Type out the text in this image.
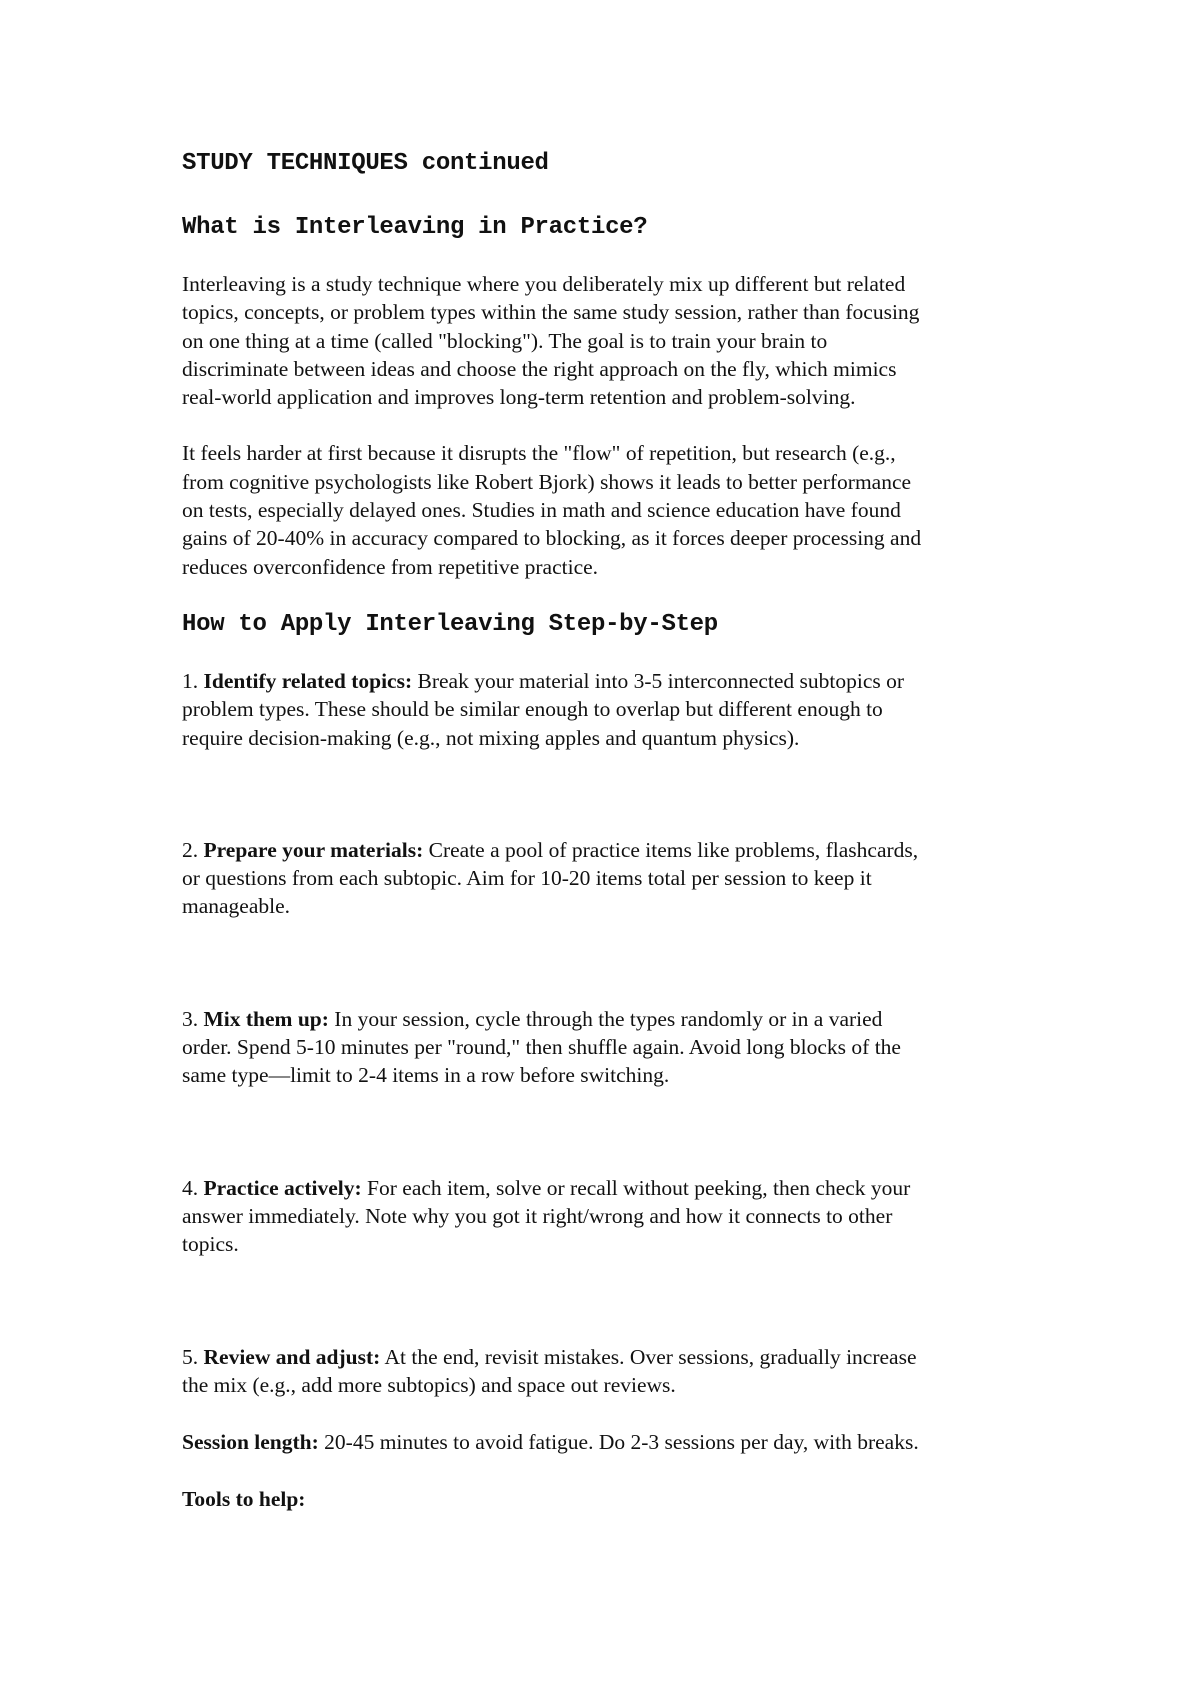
STUDY TECHNIQUES continued
What is Interleaving in Practice?

Interleaving is a study technique where you deliberately mix up different but related
topics, concepts, or problem types within the same study session, rather than focusing
on one thing at a time (called "blocking"). The goal is to train your brain to
discriminate between ideas and choose the right approach on the fly, which mimics
real-world application and improves long-term retention and problem-solving.

It feels harder at first because it disrupts the "flow" of repetition, but research (e.g.,
from cognitive psychologists like Robert Bjork) shows it leads to better performance
on tests, especially delayed ones. Studies in math and science education have found
gains of 20-40% in accuracy compared to blocking, as it forces deeper processing and
reduces overconfidence from repetitive practice.

How to Apply Interleaving Step-by-Step

1. Identify related topics: Break your material into 3-5 interconnected subtopics or
problem types. These should be similar enough to overlap but different enough to
require decision-making (e.g., not mixing apples and quantum physics).

2. Prepare your materials: Create a pool of practice items like problems, flashcards,
or questions from each subtopic. Aim for 10-20 items total per session to keep it
manageable.

3. Mix them up: In your session, cycle through the types randomly or in a varied
order. Spend 5-10 minutes per "round," then shuffle again. Avoid long blocks of the
same type—limit to 2-4 items in a row before switching.

4. Practice actively: For each item, solve or recall without peeking, then check your
answer immediately. Note why you got it right/wrong and how it connects to other
topics.

5. Review and adjust: At the end, revisit mistakes. Over sessions, gradually increase
the mix (e.g., add more subtopics) and space out reviews.

Session length: 20-45 minutes to avoid fatigue. Do 2-3 sessions per day, with breaks.

Tools to help:
